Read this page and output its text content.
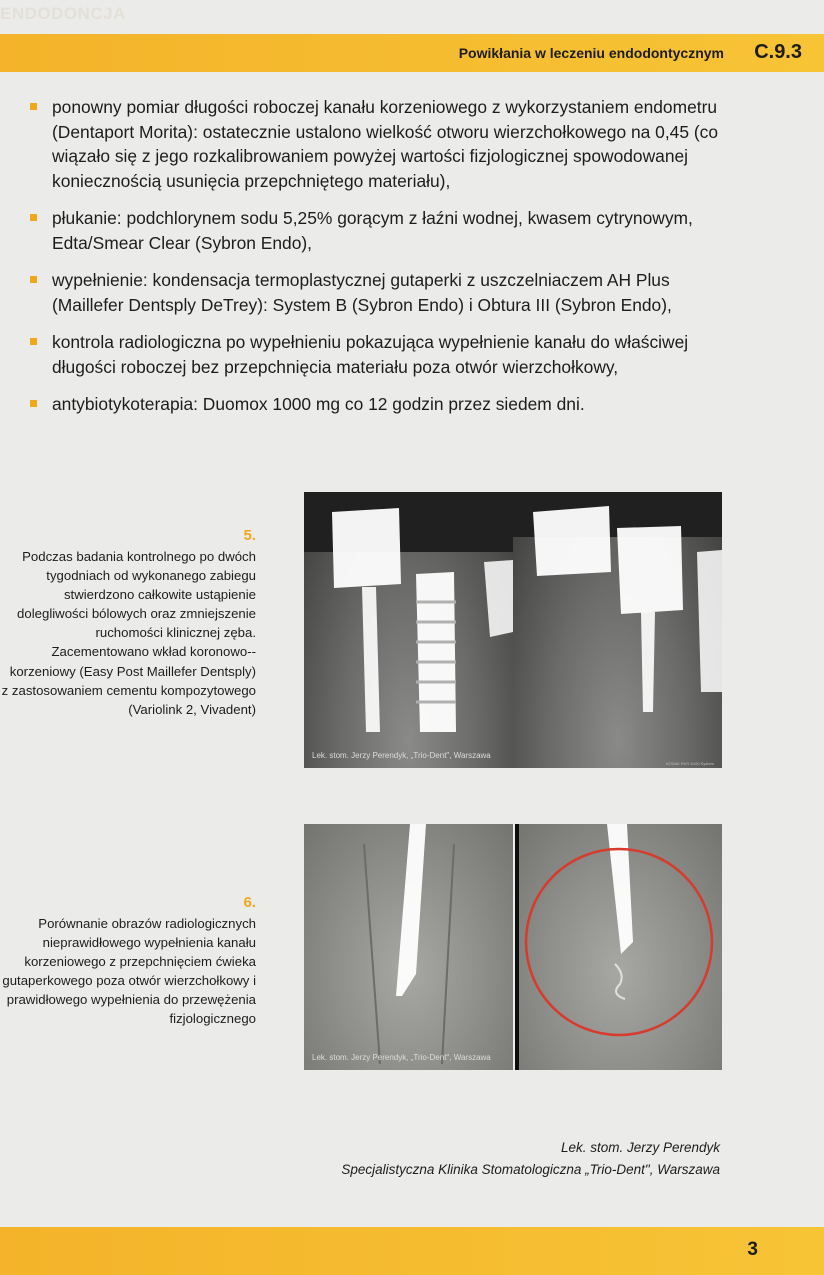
ENDODONCJA

Powikłania w leczeniu endodontycznym C.9.3
ponowny pomiar długości roboczej kanału korzeniowego z wykorzystaniem endometru (Dentaport Morita): ostatecznie ustalono wielkość otworu wierzchołkowego na 0,45 (co wiązało się z jego rozkalibrowaniem powyżej wartości fizjologicznej spowodowanej koniecznością usunięcia przepchniętego materiału),
płukanie: podchlorynem sodu 5,25% gorącym z łaźni wodnej, kwasem cytrynowym, Edta/Smear Clear (Sybron Endo),
wypełnienie: kondensacja termoplastycznej gutaperki z uszczelniaczem AH Plus (Maillefer Dentsply DeTrey): System B (Sybron Endo) i Obtura III (Sybron Endo),
kontrola radiologiczna po wypełnieniu pokazująca wypełnienie kanału do właściwej długości roboczej bez przepchnięcia materiału poza otwór wierzchołkowy,
antybiotykoterapia: Duomox 1000 mg co 12 godzin przez siedem dni.

5.

Podczas badania kontrolnego po dwóch tygodniach od wykonanego zabiegu stwierdzono całkowite ustąpienie dolegliwości bólowych oraz zmniejszenie ruchomości klinicznej zęba. Zacementowano wkład koronowo--korzeniowy (Easy Post Maillefer Dentsply) z zastosowaniem cementu kompozytowego (Variolink 2, Vivadent)

Lek. stom. Jerzy Perendyk, „Trio-Dent", Warszawa
KODAK RVG 6100 System

6.

Porównanie obrazów radiologicznych nieprawidłowego wypełnienia kanału korzeniowego z przepchnięciem ćwieka gutaperkowego poza otwór wierzchołkowy i prawidłowego wypełnienia do przewężenia fizjologicznego

Lek. stom. Jerzy Perendyk, „Trio-Dent", Warszawa
Lek. stom. Jerzy Perendyk
Specjalistyczna Klinika Stomatologiczna „Trio-Dent", Warszawa
3
